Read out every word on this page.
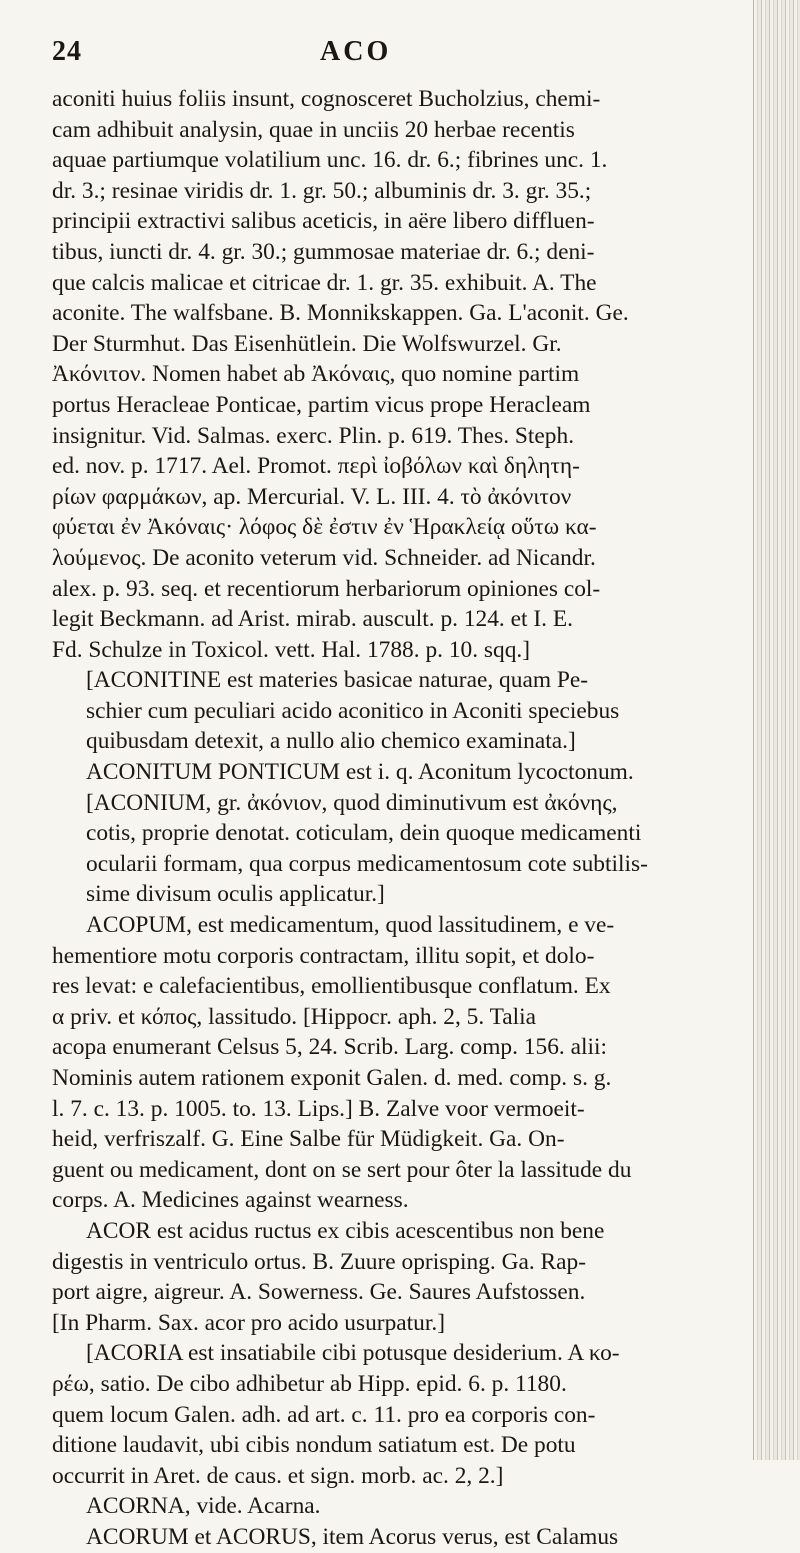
24	ACO
aconiti huius foliis insunt, cognosceret Bucholzius, chemi-
cam adhibuit analysin, quae in unciis 20 herbae recentis
aquae partiumque volatilium unc. 16. dr. 6.; fibrines unc. 1.
dr. 3.; resinae viridis dr. 1. gr. 50.; albuminis dr. 3. gr. 35.;
principii extractivi salibus aceticis, in aëre libero diffluen-
tibus, iuncti dr. 4. gr. 30.; gummosae materiae dr. 6.; deni-
que calcis malicae et citricae dr. 1. gr. 35. exhibuit. A. The
aconite. The walfsbane. B. Monnikskappen. Ga. L'aconit. Ge.
Der Sturmhut. Das Eisenhütlein. Die Wolfswurzel. Gr.
Ἀκόνιτον. Nomen habet ab Ἀκόναις, quo nomine partim
portus Heracleae Ponticae, partim vicus prope Heracleam
insignitur. Vid. Salmas. exerc. Plin. p. 619. Thes. Steph.
ed. nov. p. 1717. Ael. Promot. περὶ ἰοβόλων καὶ δηλητη-
ρίων φαρμάκων, ap. Mercurial. V. L. III. 4. τὸ ἀκόνιτον
φύεται ἐν Ἀκόναις· λόφος δὲ ἐστιν ἐν Ἡρακλείᾳ οὕτω κα-
λούμενος. De aconito veterum vid. Schneider. ad Nicandr.
alex. p. 93. seq. et recentiorum herbariorum opiniones col-
legit Beckmann. ad Arist. mirab. auscult. p. 124. et I. E.
Fd. Schulze in Toxicol. vett. Hal. 1788. p. 10. sqq.]
[ACONITINE est materies basicae naturae, quam Pe-
schier cum peculiari acido aconitico in Aconiti speciebus
quibusdam detexit, a nullo alio chemico examinata.]
ACONITUM PONTICUM est i. q. Aconitum lycoctonum.
[ACONIUM, gr. ἀκόνιον, quod diminutivum est ἀκόνης,
cotis, proprie denotat. coticulam, dein quoque medicamenti
ocularii formam, qua corpus medicamentosum cote subtilis-
sime divisum oculis applicatur.]
ACOPUM, est medicamentum, quod lassitudinem, e ve-
hementiore motu corporis contractam, illitu sopit, et dolo-
res levat: e calefacientibus, emollientibusque conflatum. Ex
α priv. et κόπος, lassitudo. [Hippocr. aph. 2, 5. Talia
acopa enumerant Celsus 5, 24. Scrib. Larg. comp. 156. alii:
Nominis autem rationem exponit Galen. d. med. comp. s. g.
l. 7. c. 13. p. 1005. to. 13. Lips.] B. Zalve voor vermoeit-
heid, verfriszalf. G. Eine Salbe für Müdigkeit. Ga. On-
guent ou medicament, dont on se sert pour ôter la lassitude du
corps. A. Medicines against wearness.
ACOR est acidus ructus ex cibis acescentibus non bene
digestis in ventriculo ortus. B. Zuure oprisping. Ga. Rap-
port aigre, aigreur. A. Sowerness. Ge. Saures Aufstossen.
[In Pharm. Sax. acor pro acido usurpatur.]
[ACORIA est insatiabile cibi potusque desiderium. A κο-
ρέω, satio. De cibo adhibetur ab Hipp. epid. 6. p. 1180.
quem locum Galen. adh. ad art. c. 11. pro ea corporis con-
ditione laudavit, ubi cibis nondum satiatum est. De potu
occurrit in Aret. de caus. et sign. morb. ac. 2, 2.]
ACORNA, vide. Acarna.
ACORUM et ACORUS, item Acorus verus, est Calamus
